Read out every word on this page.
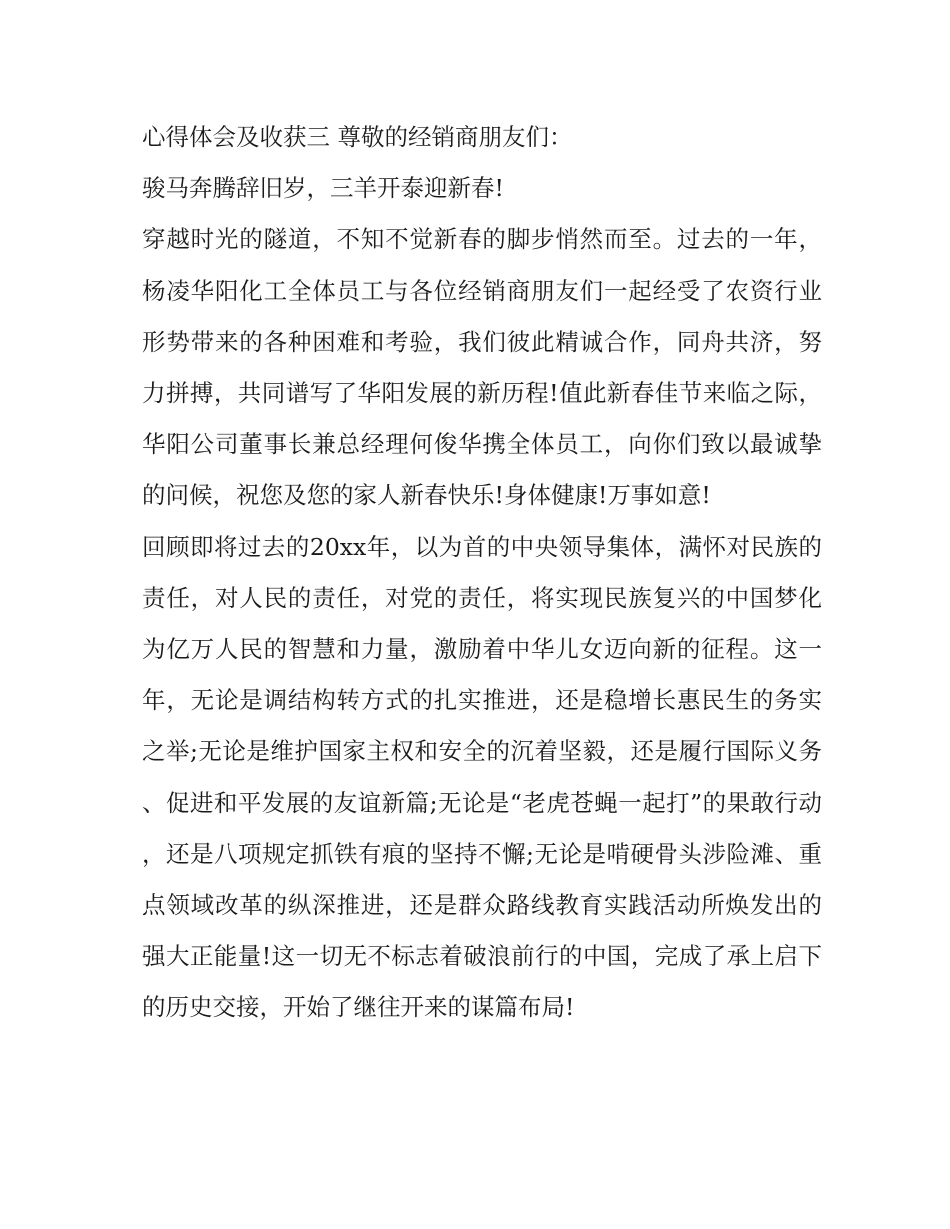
心得体会及收获三 尊敬的经销商朋友们：

骏马奔腾辞旧岁，三羊开泰迎新春!

穿越时光的隧道，不知不觉新春的脚步悄然而至。过去的一年，杨凌华阳化工全体员工与各位经销商朋友们一起经受了农资行业形势带来的各种困难和考验，我们彼此精诚合作，同舟共济，努力拼搏，共同谱写了华阳发展的新历程!值此新春佳节来临之际，华阳公司董事长兼总经理何俊华携全体员工，向你们致以最诚挚的问候，祝您及您的家人新春快乐!身体健康!万事如意!

回顾即将过去的20xx年，以为首的中央领导集体，满怀对民族的责任，对人民的责任，对党的责任，将实现民族复兴的中国梦化为亿万人民的智慧和力量，激励着中华儿女迈向新的征程。这一年，无论是调结构转方式的扎实推进，还是稳增长惠民生的务实之举;无论是维护国家主权和安全的沉着坚毅，还是履行国际义务、促进和平发展的友谊新篇;无论是“老虎苍蝇一起打”的果敢行动，还是八项规定抓铁有痕的坚持不懈;无论是啃硬骨头涉险滩、重点领域改革的纵深推进，还是群众路线教育实践活动所焕发出的强大正能量!这一切无不标志着破浪前行的中国，完成了承上启下的历史交接，开始了继往开来的谋篇布局!
